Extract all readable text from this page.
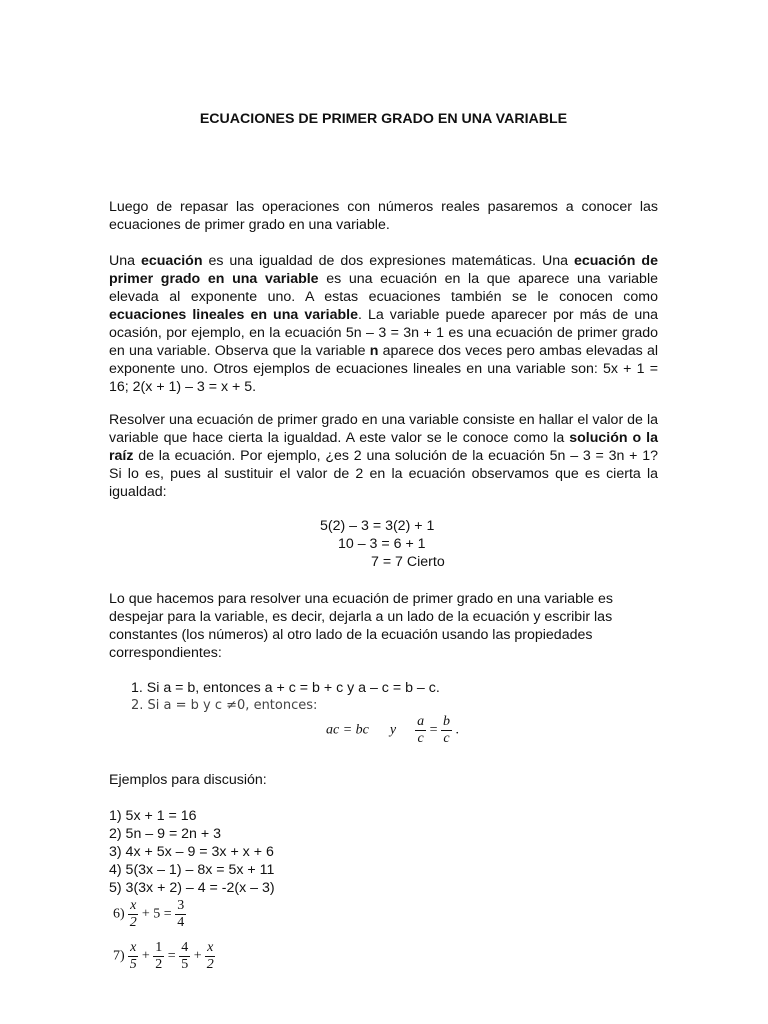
ECUACIONES DE PRIMER GRADO EN UNA VARIABLE

Luego de repasar las operaciones con números reales pasaremos a conocer las ecuaciones de primer grado en una variable.

Una ecuación es una igualdad de dos expresiones matemáticas. Una ecuación de primer grado en una variable es una ecuación en la que aparece una variable elevada al exponente uno. A estas ecuaciones también se le conocen como ecuaciones lineales en una variable. La variable puede aparecer por más de una ocasión, por ejemplo, en la ecuación 5n – 3 = 3n + 1 es una ecuación de primer grado en una variable. Observa que la variable n aparece dos veces pero ambas elevadas al exponente uno. Otros ejemplos de ecuaciones lineales en una variable son: 5x + 1 = 16; 2(x + 1) – 3 = x + 5.

Resolver una ecuación de primer grado en una variable consiste en hallar el valor de la variable que hace cierta la igualdad. A este valor se le conoce como la solución o la raíz de la ecuación. Por ejemplo, ¿es 2 una solución de la ecuación 5n – 3 = 3n + 1? Si lo es, pues al sustituir el valor de 2 en la ecuación observamos que es cierta la igualdad:

5(2) – 3 = 3(2) + 1
10 – 3 = 6 + 1
7 = 7 Cierto

Lo que hacemos para resolver una ecuación de primer grado en una variable es despejar para la variable, es decir, dejarla a un lado de la ecuación y escribir las constantes (los números) al otro lado de la ecuación usando las propiedades correspondientes:

1. Si a = b, entonces a + c = b + c y a – c = b – c.
2. Si a = b y c ≠0, entonces:
ac = bc y $\frac{a}{c} = \frac{b}{c}$ .
Ejemplos para discusión:
1) 5x + 1 = 16
2) 5n – 9 = 2n + 3
3) 4x + 5x – 9 = 3x + x + 6
4) 5(3x – 1) – 8x = 5x + 11
5) 3(3x + 2) – 4 = -2(x – 3)
$6) \frac{x}{2} + 5 = \frac{3}{4}$
$7) \frac{x}{5} + \frac{1}{2} = \frac{4}{5} + \frac{x}{2}$
